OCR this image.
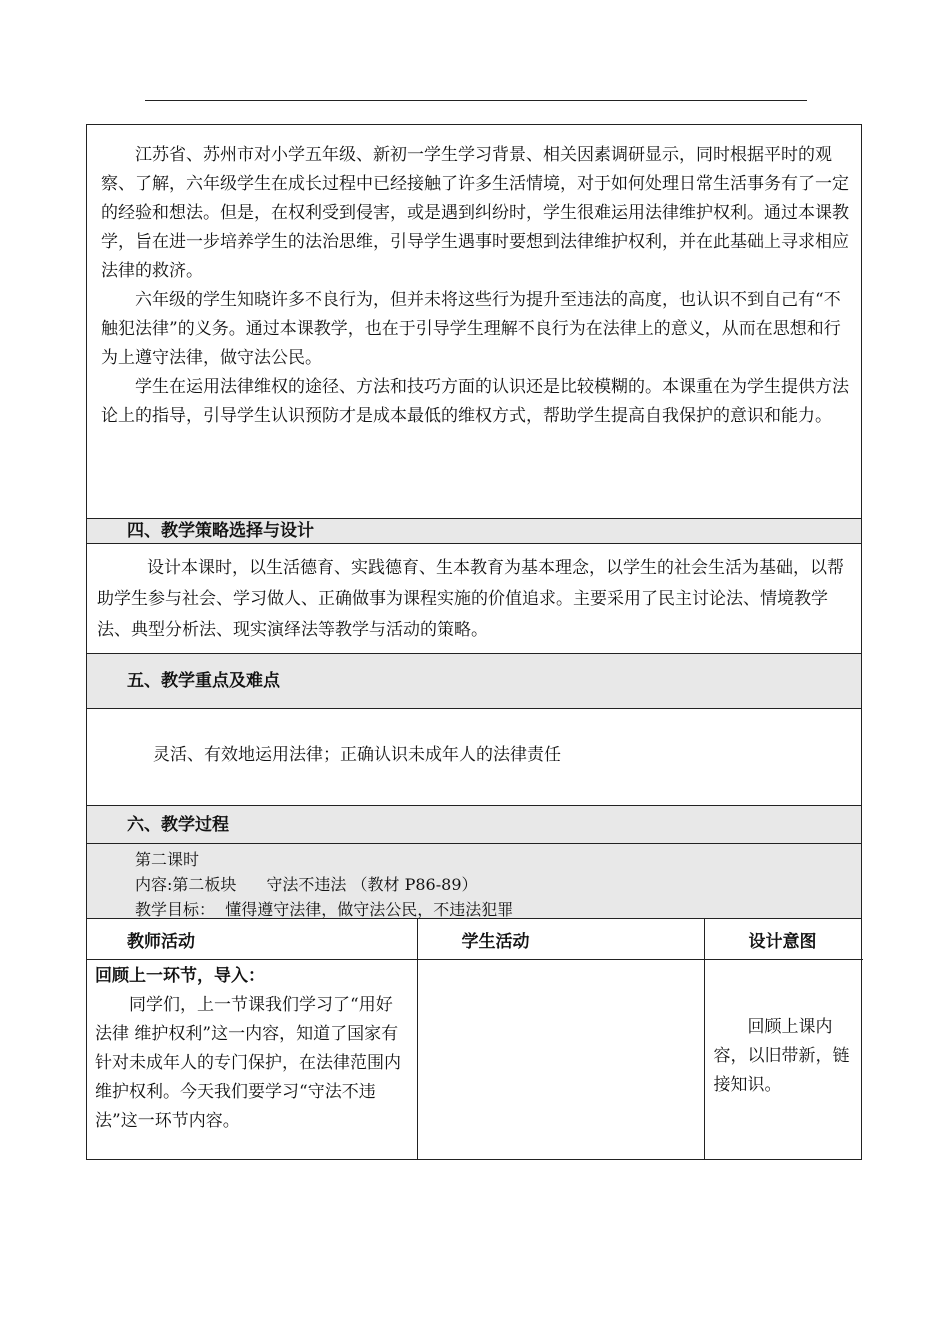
江苏省、苏州市对小学五年级、新初一学生学习背景、相关因素调研显示，同时根据平时的观察、了解，六年级学生在成长过程中已经接触了许多生活情境，对于如何处理日常生活事务有了一定的经验和想法。但是，在权利受到侵害，或是遇到纠纷时，学生很难运用法律维护权利。通过本课教学，旨在进一步培养学生的法治思维，引导学生遇事时要想到法律维护权利，并在此基础上寻求相应法律的救济。

六年级的学生知晓许多不良行为，但并未将这些行为提升至违法的高度，也认识不到自己有“不触犯法律”的义务。通过本课教学，也在于引导学生理解不良行为在法律上的意义，从而在思想和行为上遵守法律，做守法公民。

学生在运用法律维权的途径、方法和技巧方面的认识还是比较模糊的。本课重在为学生提供方法论上的指导，引导学生认识预防才是成本最低的维权方式，帮助学生提高自我保护的意识和能力。

四、教学策略选择与设计

设计本课时，以生活德育、实践德育、生本教育为基本理念，以学生的社会生活为基础，以帮助学生参与社会、学习做人、正确做事为课程实施的价值追求。主要采用了民主讨论法、情境教学法、典型分析法、现实演绎法等教学与活动的策略。

五、教学重点及难点
灵活、有效地运用法律；正确认识未成年人的法律责任
六、教学过程
第二课时
内容:第二板块 守法不违法 （教材 P86-89）
教学目标： 懂得遵守法律，做守法公民，不违法犯罪
教师活动	学生活动	设计意图

回顾上一环节，导入：

同学们，上一节课我们学习了“用好法律 维护权利”这一内容，知道了国家有针对未成年人的专门保护，在法律范围内维护权利。今天我们要学习“守法不违法”这一环节内容。		回顾上课内容，以旧带新，链接知识。
